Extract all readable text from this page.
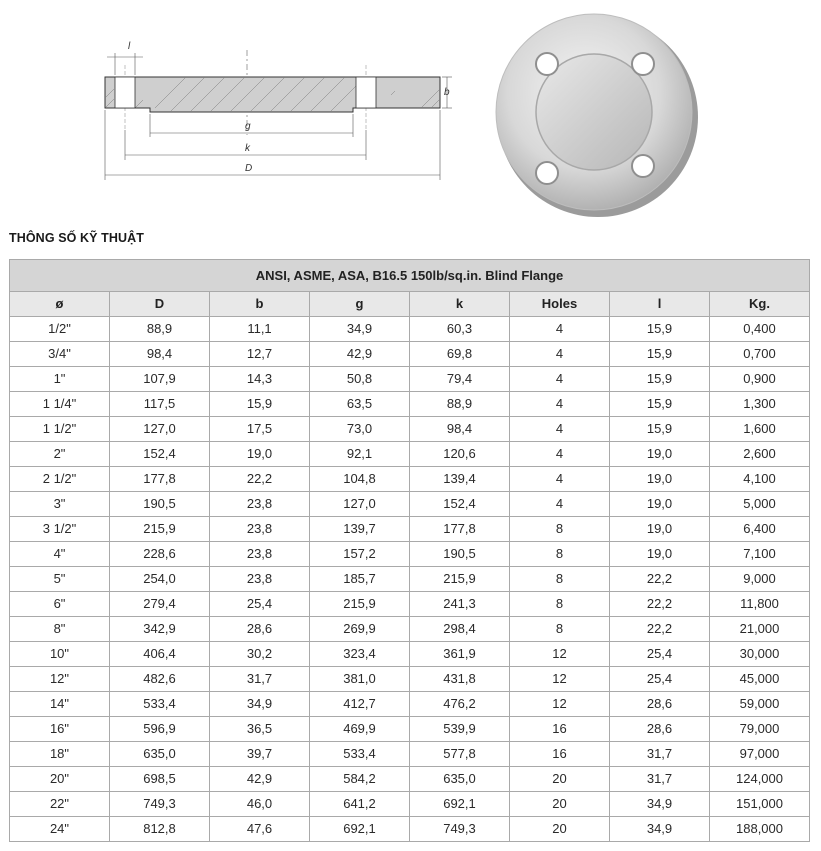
l
b
g
k
D
THÔNG SỐ KỸ THUẬT
ANSI, ASME, ASA, B16.5 150lb/sq.in. Blind Flange							
ø	D	b	g	k	Holes	l	Kg.
1/2"	88,9	11,1	34,9	60,3	4	15,9	0,400
3/4"	98,4	12,7	42,9	69,8	4	15,9	0,700
1"	107,9	14,3	50,8	79,4	4	15,9	0,900
1 1/4"	117,5	15,9	63,5	88,9	4	15,9	1,300
1 1/2"	127,0	17,5	73,0	98,4	4	15,9	1,600
2"	152,4	19,0	92,1	120,6	4	19,0	2,600
2 1/2"	177,8	22,2	104,8	139,4	4	19,0	4,100
3"	190,5	23,8	127,0	152,4	4	19,0	5,000
3 1/2"	215,9	23,8	139,7	177,8	8	19,0	6,400
4"	228,6	23,8	157,2	190,5	8	19,0	7,100
5"	254,0	23,8	185,7	215,9	8	22,2	9,000
6"	279,4	25,4	215,9	241,3	8	22,2	11,800
8"	342,9	28,6	269,9	298,4	8	22,2	21,000
10"	406,4	30,2	323,4	361,9	12	25,4	30,000
12"	482,6	31,7	381,0	431,8	12	25,4	45,000
14"	533,4	34,9	412,7	476,2	12	28,6	59,000
16"	596,9	36,5	469,9	539,9	16	28,6	79,000
18"	635,0	39,7	533,4	577,8	16	31,7	97,000
20"	698,5	42,9	584,2	635,0	20	31,7	124,000
22"	749,3	46,0	641,2	692,1	20	34,9	151,000
24"	812,8	47,6	692,1	749,3	20	34,9	188,000
